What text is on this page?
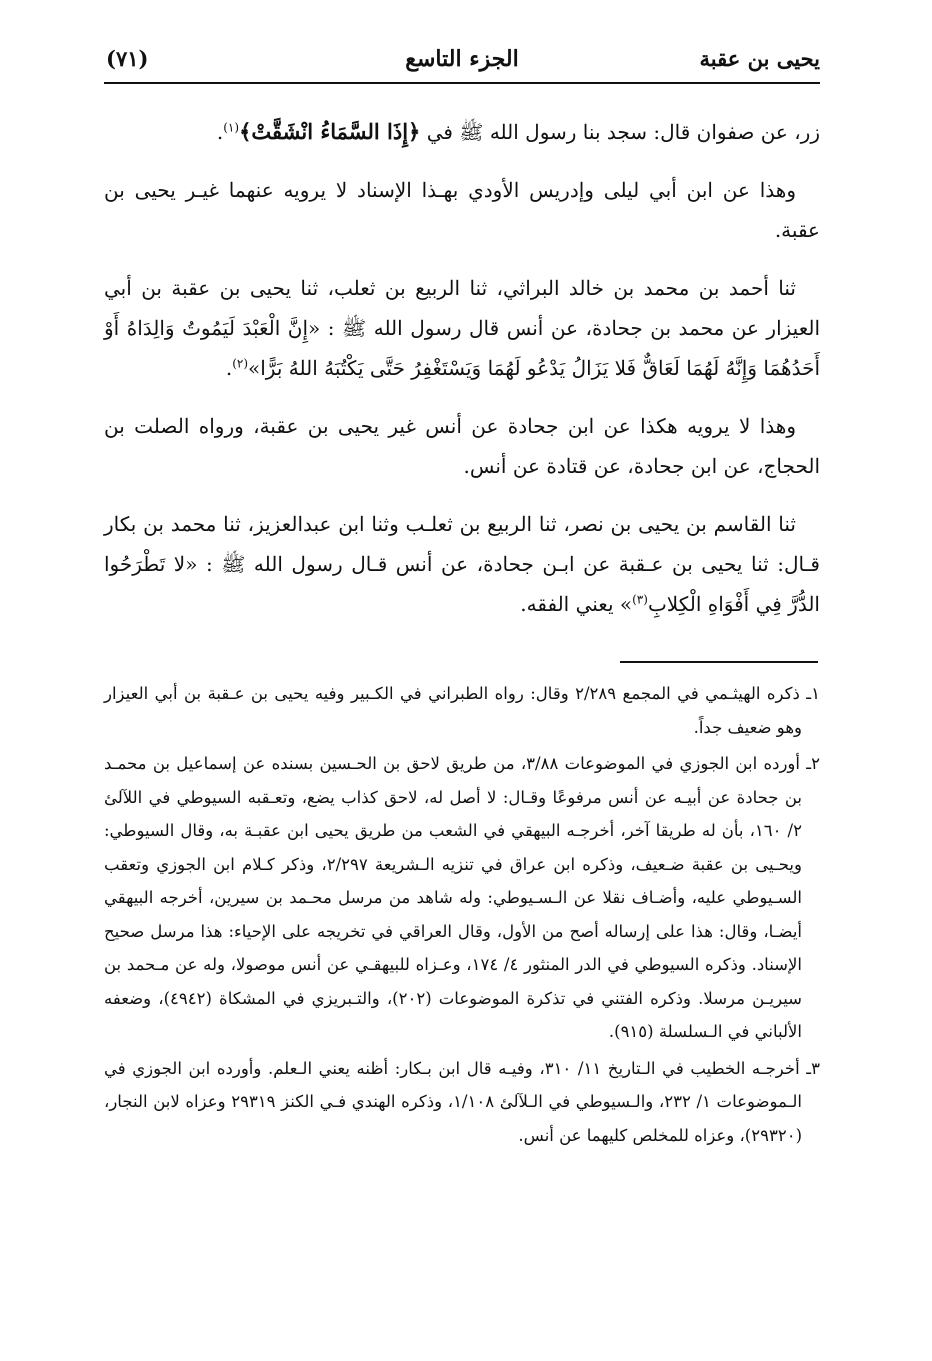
يحيى بن عقبة
الجزء التاسع
(٧١)

زر، عن صفوان قال: سجد بنا رسول الله ﷺ في ﴿إِذَا السَّمَاءُ انْشَقَّتْ﴾$^{(١)}$.

وهذا عن ابن أبي ليلى وإدريس الأودي بهـذا الإسناد لا يرويه عنهما غيـر يحيى بن عقبة.

ثنا أحمد بن محمد بن خالد البراثي، ثنا الربيع بن ثعلب، ثنا يحيى بن عقبة بن أبي العيزار عن محمد بن جحادة، عن أنس قال رسول الله ﷺ : «إِنَّ الْعَبْدَ لَيَمُوتُ وَالِدَاهُ أَوْ أَحَدُهُمَا وَإِنَّهُ لَهُمَا لَعَاقٌّ فَلا يَزَالُ يَدْعُو لَهُمَا وَيَسْتَغْفِرُ حَتَّى يَكْتُبَهُ اللهُ بَرًّا»$^{(٢)}$.

وهذا لا يرويه هكذا عن ابن جحادة عن أنس غير يحيى بن عقبة، ورواه الصلت بن الحجاج، عن ابن جحادة، عن قتادة عن أنس.

ثنا القاسم بن يحيى بن نصر، ثنا الربيع بن ثعلـب وثنا ابن عبدالعزيز، ثنا محمد بن بكار قـال: ثنا يحيى بن عـقبة عن ابـن جحادة، عن أنس قـال رسول الله ﷺ : «لا تَطْرَحُوا الدُّرَّ فِي أَفْوَاهِ الْكِلابِ$^{(٣)}$» يعني الفقه.

١ـ ذكره الهيثـمي في المجمع ٢/٢٨٩ وقال: رواه الطبراني في الكـبير وفيه يحيى بن عـقبة بن أبي العيزار وهو ضعيف جداً.

٢ـ أورده ابن الجوزي في الموضوعات ٣/٨٨، من طريق لاحق بن الحـسين بسنده عن إسماعيل بن محمـد بن جحادة عن أبيـه عن أنس مرفوعًا وقـال: لا أصل له، لاحق كذاب يضع، وتعـقبه السيوطي في اللآلئ ٢/ ١٦٠، بأن له طريقا آخر، أخرجـه البيهقي في الشعب من طريق يحيى ابن عقبـة به، وقال السيوطي: ويحـيى بن عقبة ضـعيف، وذكره ابن عراق في تنزيه الـشريعة ٢/٢٩٧، وذكر كـلام ابن الجوزي وتعقب السـيوطي عليه، وأضـاف نقلا عن الـسـيوطي: وله شاهد من مرسل محـمد بن سيرين، أخرجه البيهقي أيضـا، وقال: هذا على إرساله أصح من الأول، وقال العراقي في تخريجه على الإحياء: هذا مرسل صحيح الإسناد. وذكره السيوطي في الدر المنثور ٤/ ١٧٤، وعـزاه للبيهقـي عن أنس موصولا، وله عن مـحمد بن سيريـن مرسلا. وذكره الفتني في تذكرة الموضوعات (٢٠٢)، والتـبريزي في المشكاة (٤٩٤٢)، وضعفه الألباني في الـسلسلة (٩١٥).

٣ـ أخرجـه الخطيب في الـتاريخ ١١/ ٣١٠، وفيـه قال ابن بـكار: أظنه يعني الـعلم. وأورده ابن الجوزي في الـموضوعات ١/ ٢٣٢، والـسيوطي في الـلآلئ ١/١٠٨، وذكره الهندي فـي الكنز ٢٩٣١٩ وعزاه لابن النجار، (٢٩٣٢٠)، وعزاه للمخلص كليهما عن أنس.
